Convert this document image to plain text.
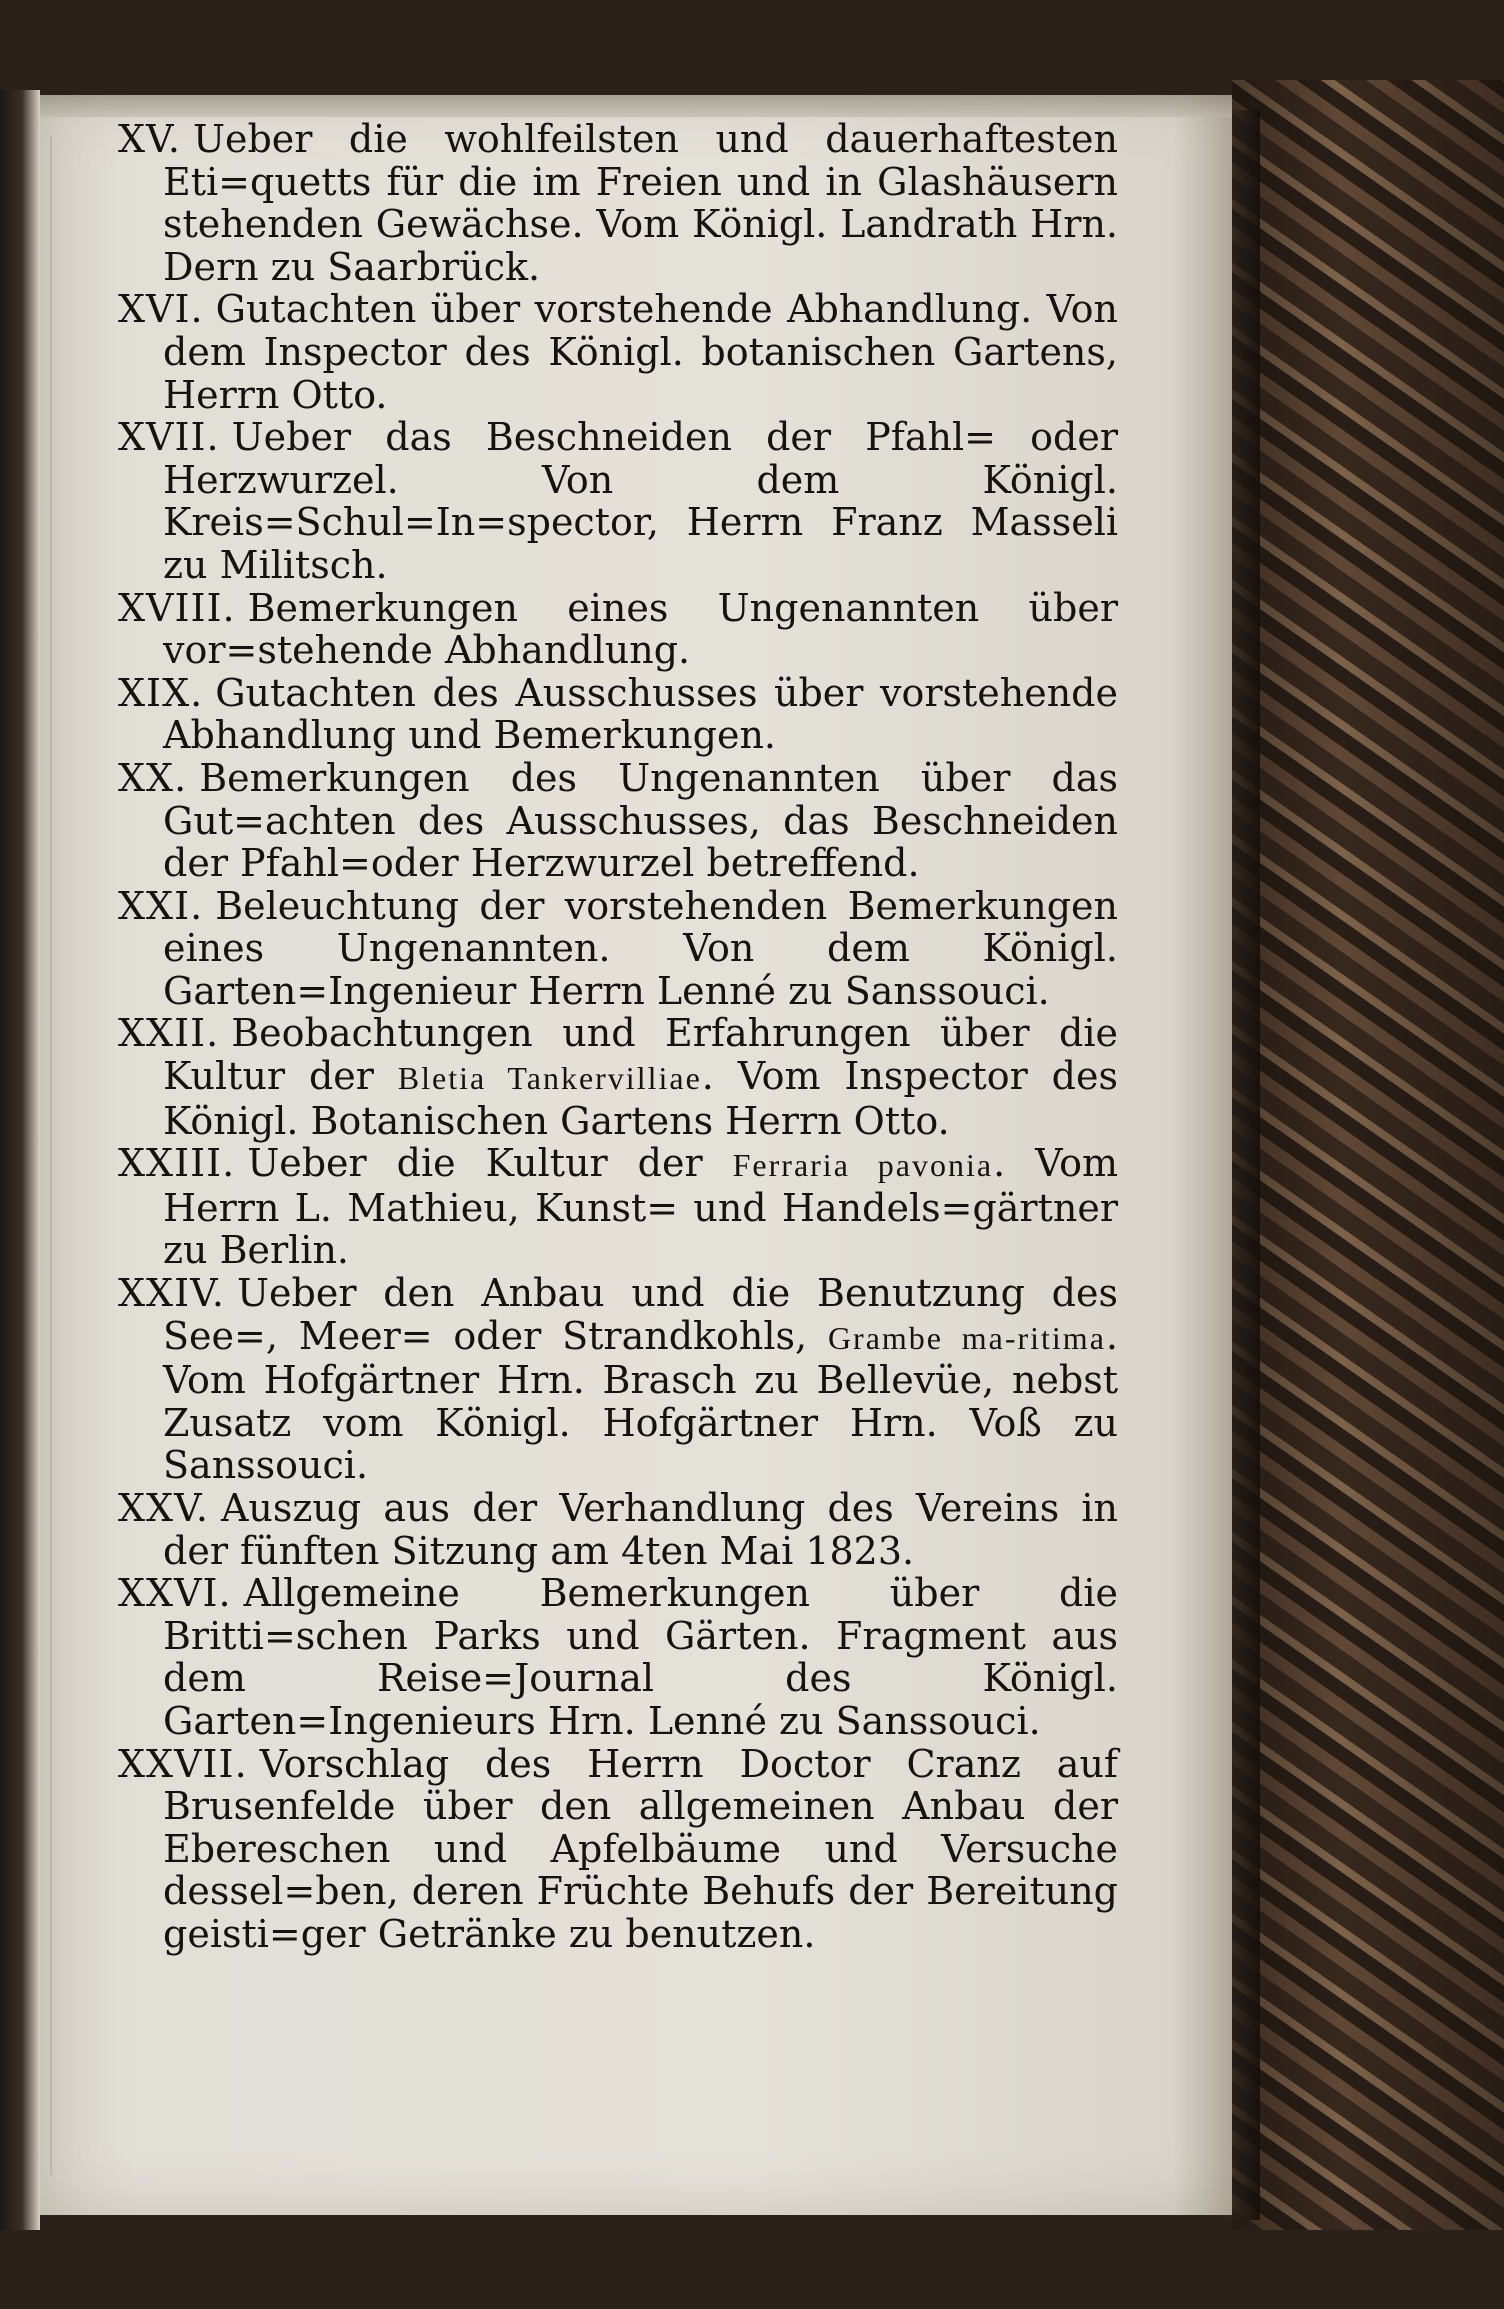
XV. Ueber die wohlfeilsten und dauerhaftesten Eti=quetts für die im Freien und in Glashäusern stehenden Gewächse. Vom Königl. Landrath Hrn. Dern zu Saarbrück.
XVI. Gutachten über vorstehende Abhandlung. Von dem Inspector des Königl. botanischen Gartens, Herrn Otto.
XVII. Ueber das Beschneiden der Pfahl= oder Herzwurzel. Von dem Königl. Kreis=Schul=In=spector, Herrn Franz Masseli zu Militsch.
XVIII. Bemerkungen eines Ungenannten über vor=stehende Abhandlung.
XIX. Gutachten des Ausschusses über vorstehende Abhandlung und Bemerkungen.
XX. Bemerkungen des Ungenannten über das Gut=achten des Ausschusses, das Beschneiden der Pfahl=oder Herzwurzel betreffend.
XXI. Beleuchtung der vorstehenden Bemerkungen eines Ungenannten. Von dem Königl. Garten=Ingenieur Herrn Lenné zu Sanssouci.
XXII. Beobachtungen und Erfahrungen über die Kultur der Bletia Tankervilliae. Vom Inspector des Königl. Botanischen Gartens Herrn Otto.
XXIII. Ueber die Kultur der Ferraria pavonia. Vom Herrn L. Mathieu, Kunst= und Handels=gärtner zu Berlin.
XXIV. Ueber den Anbau und die Benutzung des See=, Meer= oder Strandkohls, Grambe ma-ritima. Vom Hofgärtner Hrn. Brasch zu Bellevüe, nebst Zusatz vom Königl. Hofgärtner Hrn. Voß zu Sanssouci.
XXV. Auszug aus der Verhandlung des Vereins in der fünften Sitzung am 4ten Mai 1823.
XXVI. Allgemeine Bemerkungen über die Britti=schen Parks und Gärten. Fragment aus dem Reise=Journal des Königl. Garten=Ingenieurs Hrn. Lenné zu Sanssouci.
XXVII. Vorschlag des Herrn Doctor Cranz auf Brusenfelde über den allgemeinen Anbau der Ebereschen und Apfelbäume und Versuche dessel=ben, deren Früchte Behufs der Bereitung geisti=ger Getränke zu benutzen.
